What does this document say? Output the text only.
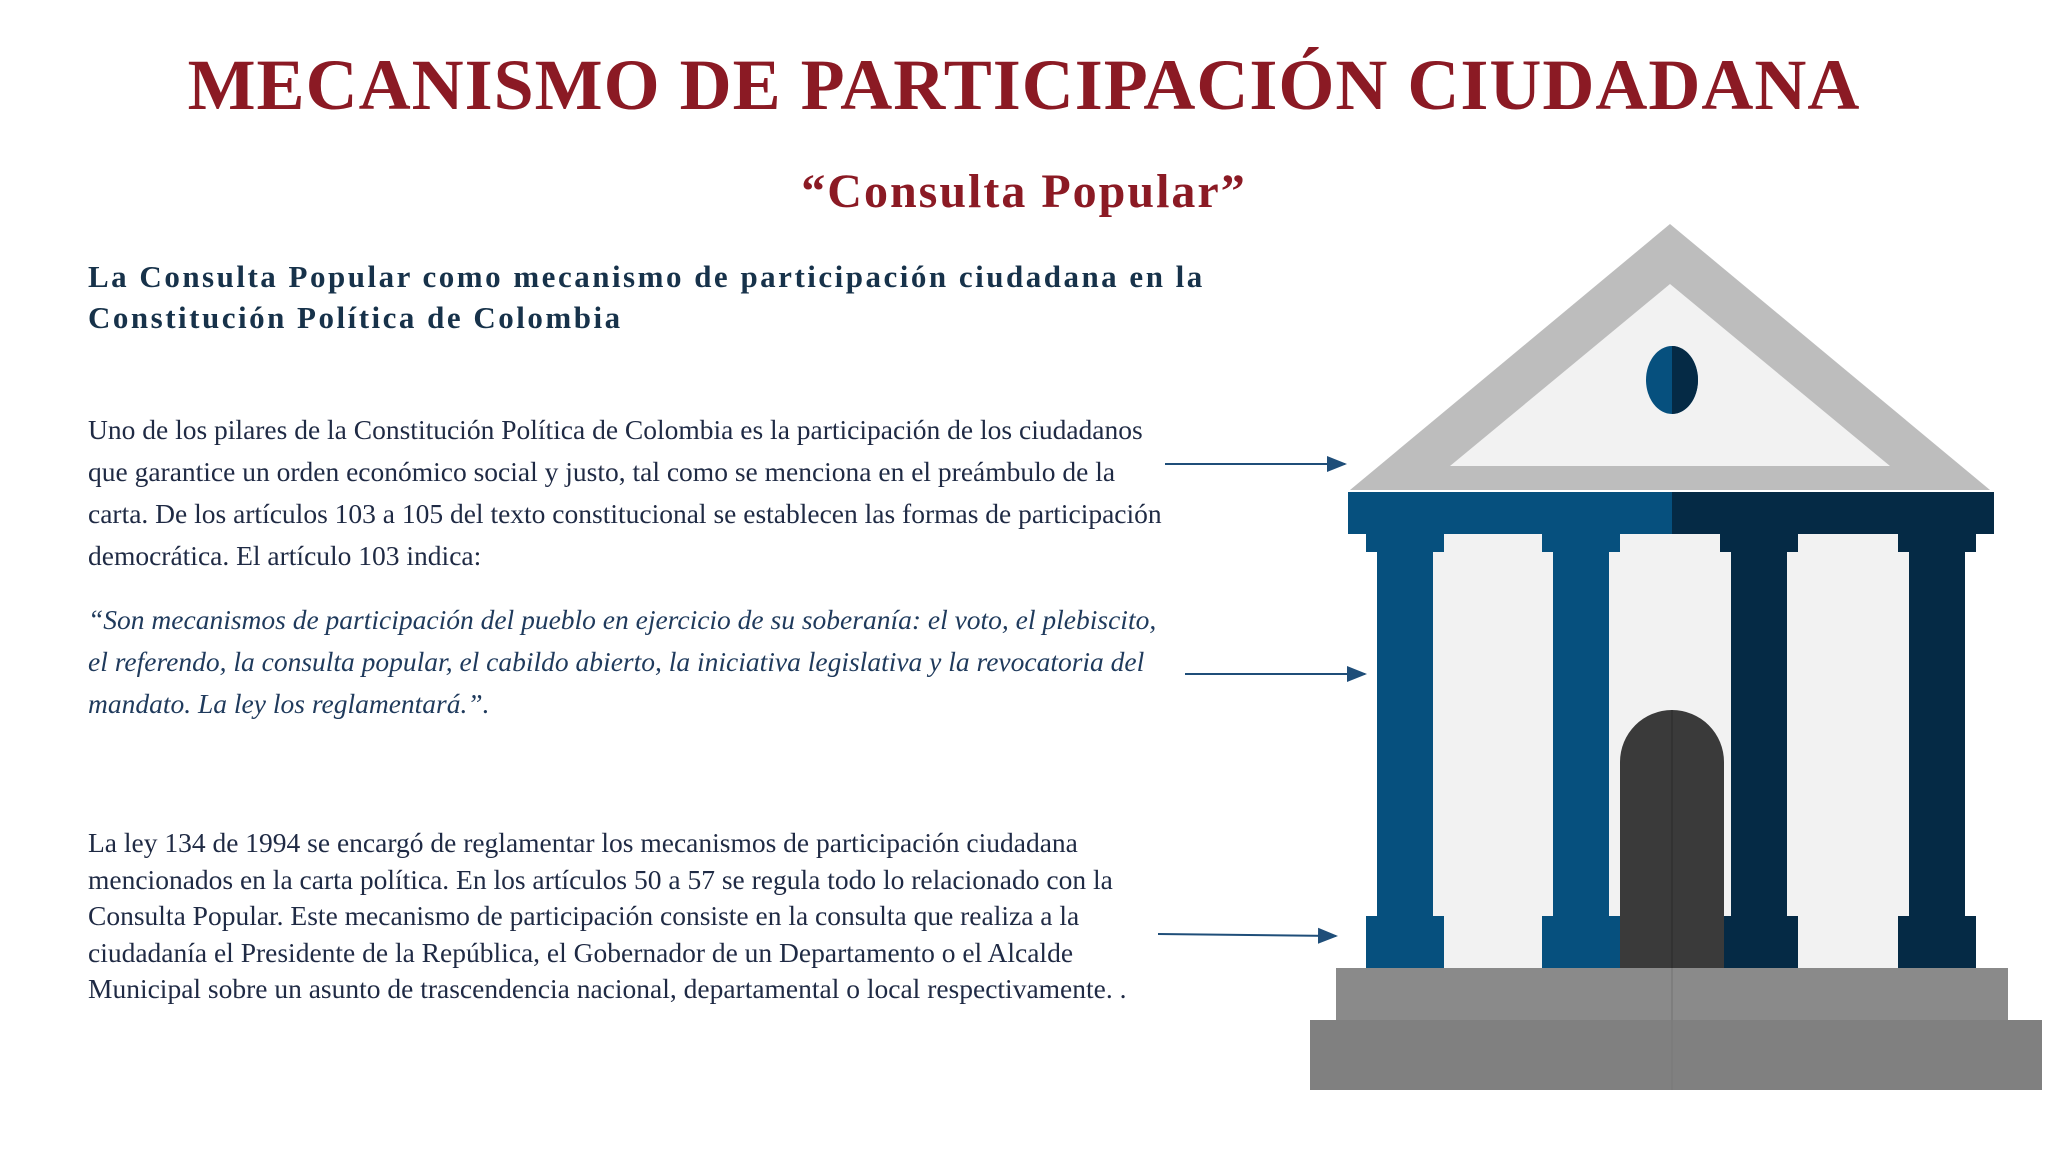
MECANISMO DE PARTICIPACIÓN CIUDADANA
“Consulta Popular”
La Consulta Popular como mecanismo de participación ciudadana en la Constitución Política de Colombia

Uno de los pilares de la Constitución Política de Colombia es la participación de los ciudadanos que garantice un orden económico social y justo, tal como se menciona en el preámbulo de la carta. De los artículos 103 a 105 del texto constitucional se establecen las formas de participación democrática. El artículo 103 indica:

“Son mecanismos de participación del pueblo en ejercicio de su soberanía: el voto, el plebiscito, el referendo, la consulta popular, el cabildo abierto, la iniciativa legislativa y la revocatoria del mandato. La ley los reglamentará.”.

La ley 134 de 1994 se encargó de reglamentar los mecanismos de participación ciudadana mencionados en la carta política. En los artículos 50 a 57 se regula todo lo relacionado con la Consulta Popular. Este mecanismo de participación consiste en la consulta que realiza a la ciudadanía el Presidente de la República, el Gobernador de un Departamento o el Alcalde Municipal sobre un asunto de trascendencia nacional, departamental o local respectivamente. .
